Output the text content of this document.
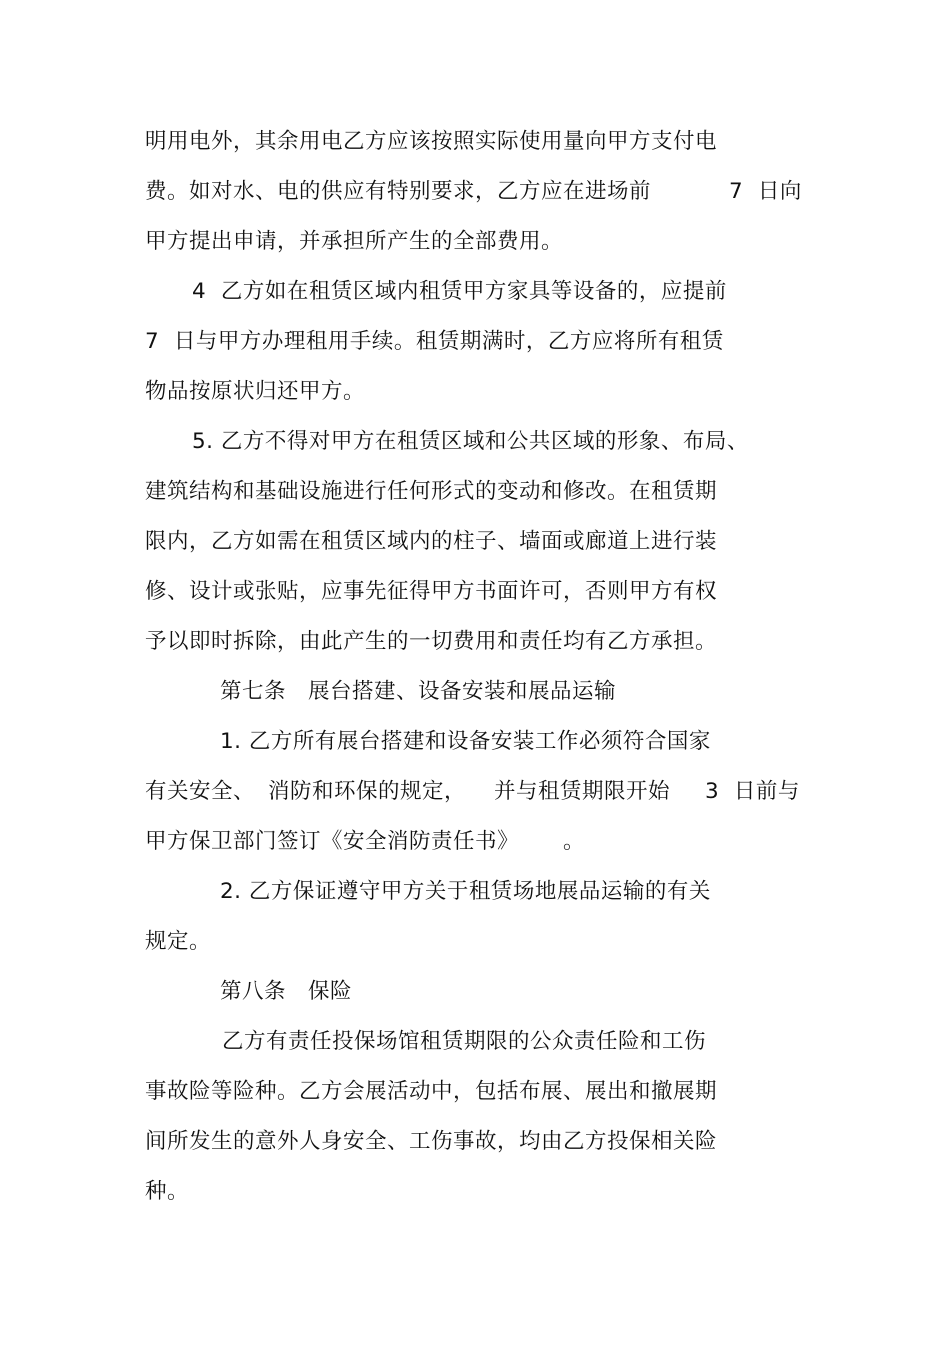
明用电外，其余用电乙方应该按照实际使用量向甲方支付电
费。如对水、电的供应有特别要求，乙方应在进场前	7  日向
甲方提出申请，并承担所产生的全部费用。
4  乙方如在租赁区域内租赁甲方家具等设备的，应提前
7  日与甲方办理租用手续。租赁期满时，乙方应将所有租赁
物品按原状归还甲方。
5. 乙方不得对甲方在租赁区域和公共区域的形象、布局、
建筑结构和基础设施进行任何形式的变动和修改。在租赁期
限内，乙方如需在租赁区域内的柱子、墙面或廊道上进行装
修、设计或张贴，应事先征得甲方书面许可，否则甲方有权
予以即时拆除，由此产生的一切费用和责任均有乙方承担。
第七条   展台搭建、设备安装和展品运输
1. 乙方所有展台搭建和设备安装工作必须符合国家
有关安全、 消防和环保的规定， 并与租赁期限开始 3  日前与
甲方保卫部门签订《安全消防责任书》 。
2. 乙方保证遵守甲方关于租赁场地展品运输的有关
规定。
第八条   保险
乙方有责任投保场馆租赁期限的公众责任险和工伤
事故险等险种。乙方会展活动中，包括布展、展出和撤展期
间所发生的意外人身安全、工伤事故，均由乙方投保相关险
种。
